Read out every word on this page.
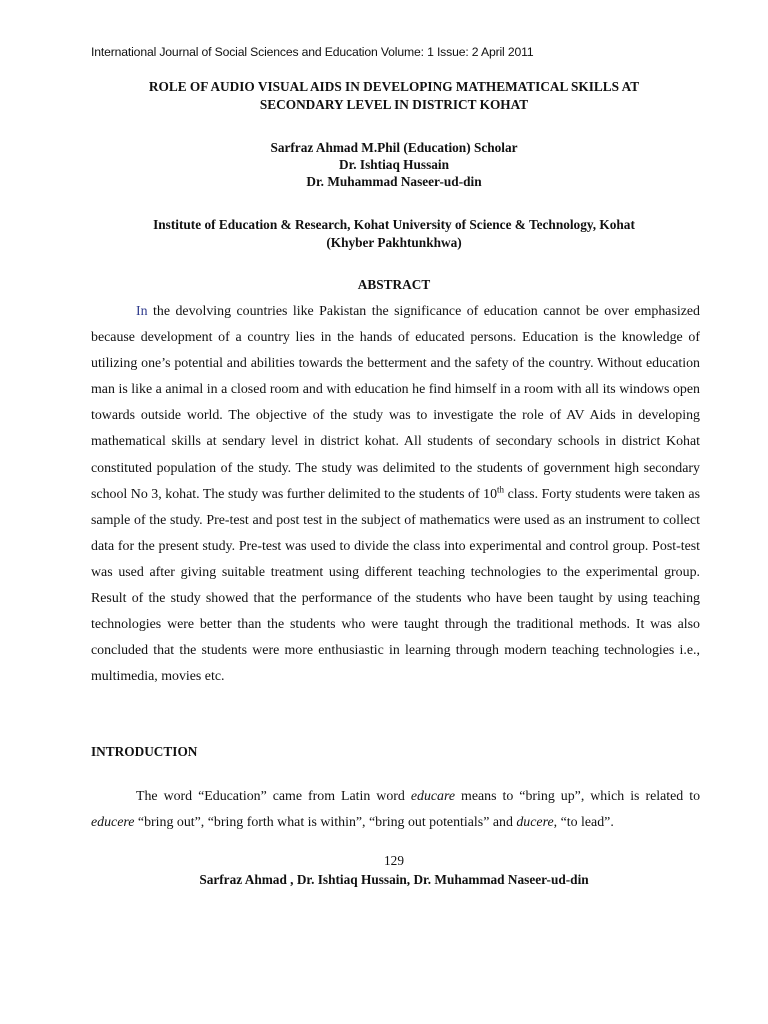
International Journal of Social Sciences and Education Volume: 1 Issue: 2 April 2011
ROLE OF AUDIO VISUAL AIDS IN DEVELOPING MATHEMATICAL SKILLS AT
SECONDARY LEVEL IN DISTRICT KOHAT
Sarfraz Ahmad M.Phil (Education) Scholar
Dr. Ishtiaq Hussain
Dr. Muhammad Naseer-ud-din
Institute of Education & Research, Kohat University of Science & Technology, Kohat
(Khyber Pakhtunkhwa)
ABSTRACT
In the devolving countries like Pakistan the significance of education cannot be over emphasized because development of a country lies in the hands of educated persons. Education is the knowledge of utilizing one’s potential and abilities towards the betterment and the safety of the country. Without education man is like a animal in a closed room and with education he find himself in a room with all its windows open towards outside world. The objective of the study was to investigate the role of AV Aids in developing mathematical skills at sendary level in district kohat. All students of secondary schools in district Kohat constituted population of the study. The study was delimited to the students of government high secondary school No 3, kohat. The study was further delimited to the students of 10th class. Forty students were taken as sample of the study. Pre-test and post test in the subject of mathematics were used as an instrument to collect data for the present study. Pre-test was used to divide the class into experimental and control group. Post-test was used after giving suitable treatment using different teaching technologies to the experimental group. Result of the study showed that the performance of the students who have been taught by using teaching technologies were better than the students who were taught through the traditional methods. It was also concluded that the students were more enthusiastic in learning through modern teaching technologies i.e., multimedia, movies etc.
INTRODUCTION
The word “Education” came from Latin word educare means to “bring up”, which is related to educere “bring out”, “bring forth what is within”, “bring out potentials” and ducere, “to lead”.
129
Sarfraz Ahmad , Dr. Ishtiaq Hussain, Dr. Muhammad Naseer-ud-din
